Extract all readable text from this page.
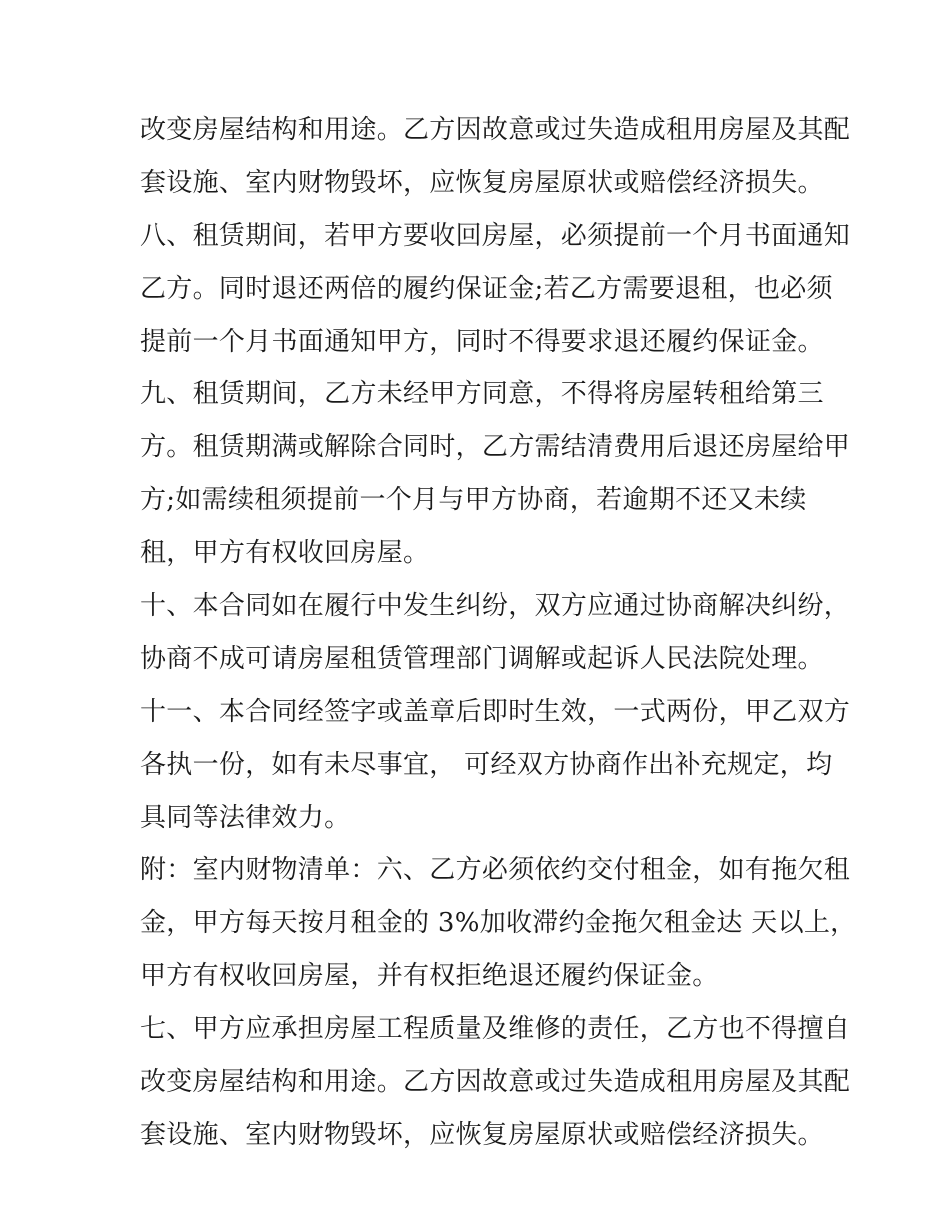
改变房屋结构和用途。乙方因故意或过失造成租用房屋及其配
套设施、室内财物毁坏，应恢复房屋原状或赔偿经济损失。
八、租赁期间，若甲方要收回房屋，必须提前一个月书面通知
乙方。同时退还两倍的履约保证金;若乙方需要退租，也必须
提前一个月书面通知甲方，同时不得要求退还履约保证金。
九、租赁期间，乙方未经甲方同意，不得将房屋转租给第三
方。租赁期满或解除合同时，乙方需结清费用后退还房屋给甲
方;如需续租须提前一个月与甲方协商，若逾期不还又未续
租，甲方有权收回房屋。
十、本合同如在履行中发生纠纷，双方应通过协商解决纠纷，
协商不成可请房屋租赁管理部门调解或起诉人民法院处理。
十一、本合同经签字或盖章后即时生效，一式两份，甲乙双方
各执一份，如有未尽事宜， 可经双方协商作出补充规定，均
具同等法律效力。
附：室内财物清单：六、乙方必须依约交付租金，如有拖欠租
金，甲方每天按月租金的 3%加收滞约金拖欠租金达 天以上，
甲方有权收回房屋，并有权拒绝退还履约保证金。
七、甲方应承担房屋工程质量及维修的责任，乙方也不得擅自
改变房屋结构和用途。乙方因故意或过失造成租用房屋及其配
套设施、室内财物毁坏，应恢复房屋原状或赔偿经济损失。
